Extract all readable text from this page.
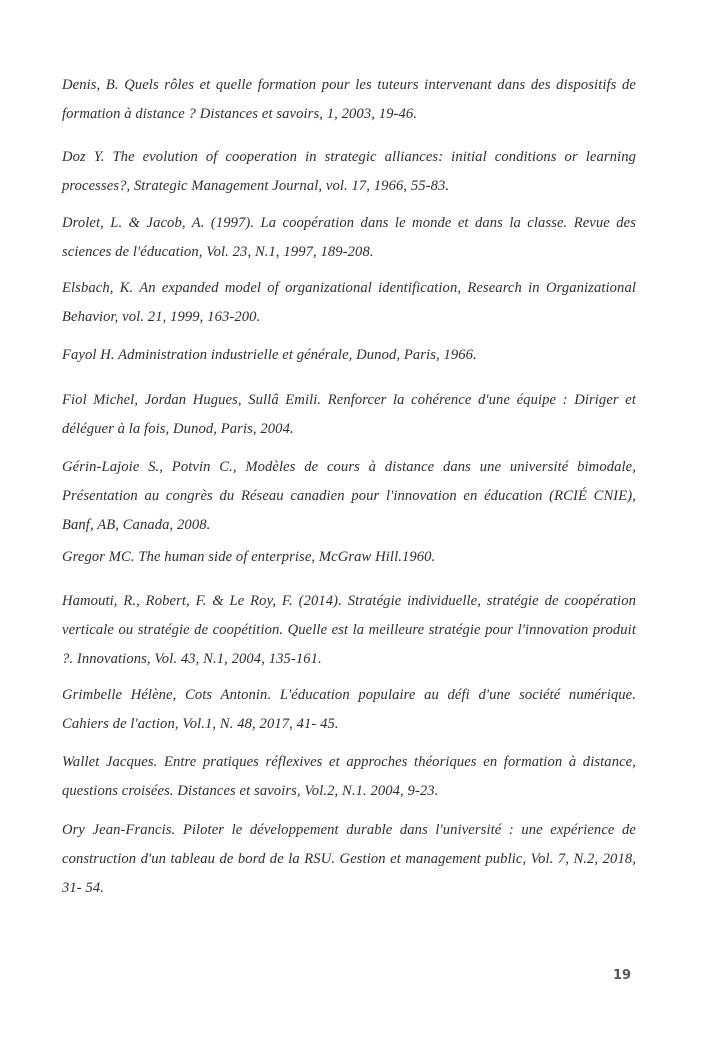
Denis, B. Quels rôles et quelle formation pour les tuteurs intervenant dans des dispositifs de formation à distance ? Distances et savoirs, 1, 2003, 19-46.

Doz Y. The evolution of cooperation in strategic alliances: initial conditions or learning processes?, Strategic Management Journal, vol. 17, 1966, 55-83.

Drolet, L. & Jacob, A. (1997). La coopération dans le monde et dans la classe. Revue des sciences de l'éducation, Vol. 23, N.1, 1997, 189-208.

Elsbach, K. An expanded model of organizational identification, Research in Organizational Behavior, vol. 21, 1999, 163-200.

Fayol H. Administration industrielle et générale, Dunod, Paris, 1966.

Fiol Michel, Jordan Hugues, Sullâ Emili. Renforcer la cohérence d'une équipe : Diriger et déléguer à la fois, Dunod, Paris, 2004.

Gérin-Lajoie S., Potvin C., Modèles de cours à distance dans une université bimodale, Présentation au congrès du Réseau canadien pour l'innovation en éducation (RCIÉ CNIE), Banf, AB, Canada, 2008.

Gregor MC. The human side of enterprise, McGraw Hill.1960.

Hamouti, R., Robert, F. & Le Roy, F. (2014). Stratégie individuelle, stratégie de coopération verticale ou stratégie de coopétition. Quelle est la meilleure stratégie pour l'innovation produit ?. Innovations, Vol. 43, N.1, 2004, 135-161.

Grimbelle Hélène, Cots Antonin. L'éducation populaire au défi d'une société numérique. Cahiers de l'action, Vol.1, N. 48, 2017, 41- 45.

Wallet Jacques. Entre pratiques réflexives et approches théoriques en formation à distance, questions croisées. Distances et savoirs, Vol.2, N.1. 2004, 9-23.

Ory Jean-Francis. Piloter le développement durable dans l'université : une expérience de construction d'un tableau de bord de la RSU. Gestion et management public, Vol. 7, N.2, 2018, 31- 54.

19
